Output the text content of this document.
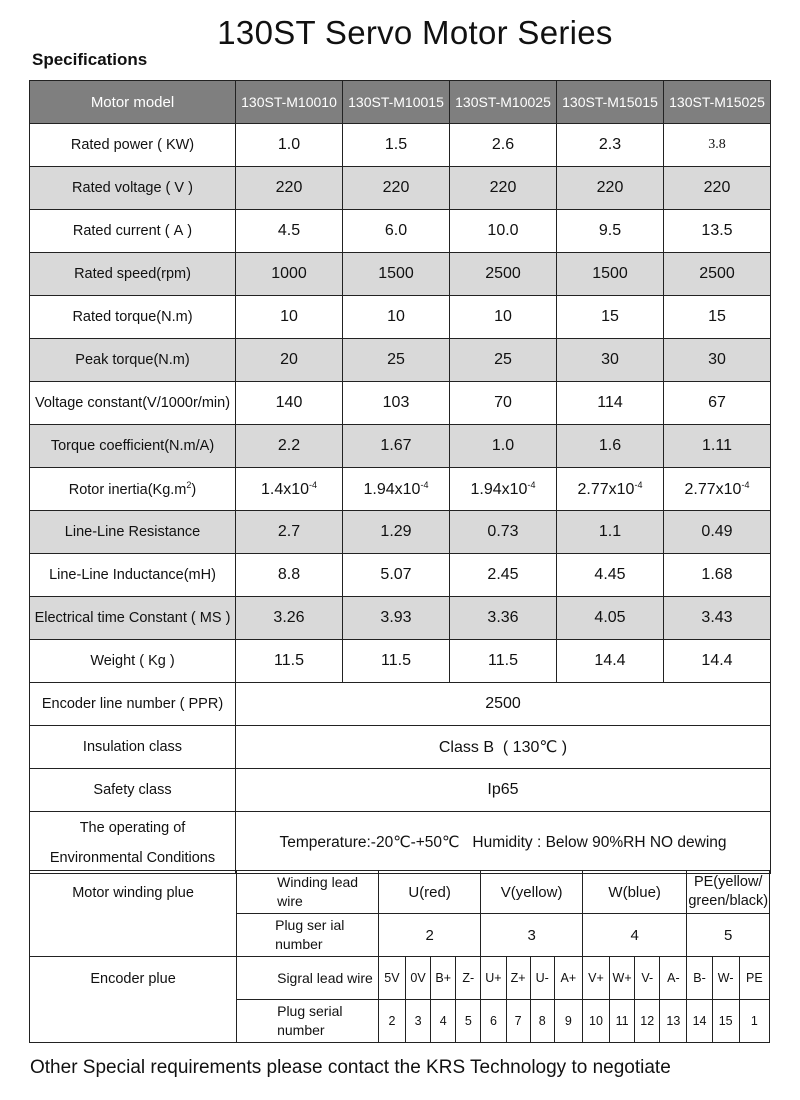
130ST Servo Motor Series
Specifications
Motor model	130ST-M10010	130ST-M10015	130ST-M10025	130ST-M15015	130ST-M15025
Rated power ( KW)	1.0	1.5	2.6	2.3	3.8
Rated voltage ( V )	220	220	220	220	220
Rated current ( A )	4.5	6.0	10.0	9.5	13.5
Rated speed(rpm)	1000	1500	2500	1500	2500
Rated torque(N.m)	10	10	10	15	15
Peak torque(N.m)	20	25	25	30	30
Voltage constant(V/1000r/min)	140	103	70	114	67
Torque coefficient(N.m/A)	2.2	1.67	1.0	1.6	1.11
Rotor $inertia(Kg.m^2)$	$1.4x10^{-4}$	$1.94x10^{-4}$	$1.94x10^{-4}$	$2.77x10^{-4}$	$2.77x10^{-4}$
Line-Line Resistance	2.7	1.29	0.73	1.1	0.49
Line-Line Inductance(mH)	8.8	5.07	2.45	4.45	1.68
Electrical time Constant ( MS )	3.26	3.93	3.36	4.05	3.43
Weight ( Kg )	11.5	11.5	11.5	14.4	14.4
Encoder line number ( PPR)	2500				
Insulation class	Class B  ( 130℃ )				
Safety class	Ip65				

The operating of
Environmental Conditions	Temperature:-20℃-+50℃   Humidity : Below 90%RH NO dewing				
Motor winding plue	Winding lead wire	U(red)				V(yellow)				W(blue)				PE(yellow/ green/black)		
	Plug ser ial number	2				3				4				5		
Encoder plue	Sigral lead wire	5V	0V	B+	Z-	U+	Z+	U-	A+	V+	W+	V-	A-	B-	W-	PE
	Plug serial number	2	3	4	5	6	7	8	9	10	11	12	13	14	15	1
Other Special requirements please contact the KRS Technology to negotiate
